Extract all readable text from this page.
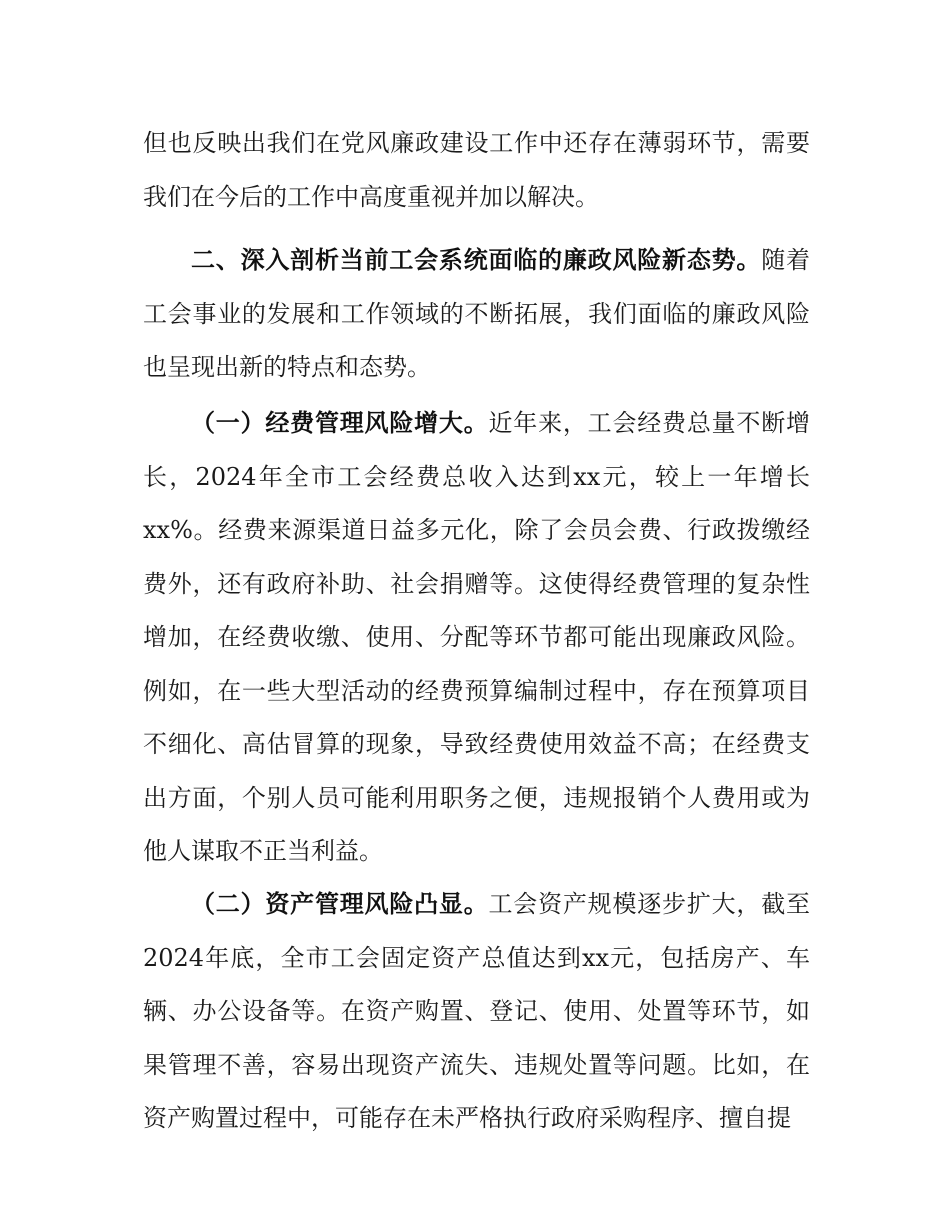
但也反映出我们在党风廉政建设工作中还存在薄弱环节，需要我们在今后的工作中高度重视并加以解决。

二、深入剖析当前工会系统面临的廉政风险新态势。随着工会事业的发展和工作领域的不断拓展，我们面临的廉政风险也呈现出新的特点和态势。

（一）经费管理风险增大。近年来，工会经费总量不断增长，2024年全市工会经费总收入达到xx元，较上一年增长xx%。经费来源渠道日益多元化，除了会员会费、行政拨缴经费外，还有政府补助、社会捐赠等。这使得经费管理的复杂性增加，在经费收缴、使用、分配等环节都可能出现廉政风险。例如，在一些大型活动的经费预算编制过程中，存在预算项目不细化、高估冒算的现象，导致经费使用效益不高；在经费支出方面，个别人员可能利用职务之便，违规报销个人费用或为他人谋取不正当利益。

（二）资产管理风险凸显。工会资产规模逐步扩大，截至2024年底，全市工会固定资产总值达到xx元，包括房产、车辆、办公设备等。在资产购置、登记、使用、处置等环节，如果管理不善，容易出现资产流失、违规处置等问题。比如，在资产购置过程中，可能存在未严格执行政府采购程序、擅自提
